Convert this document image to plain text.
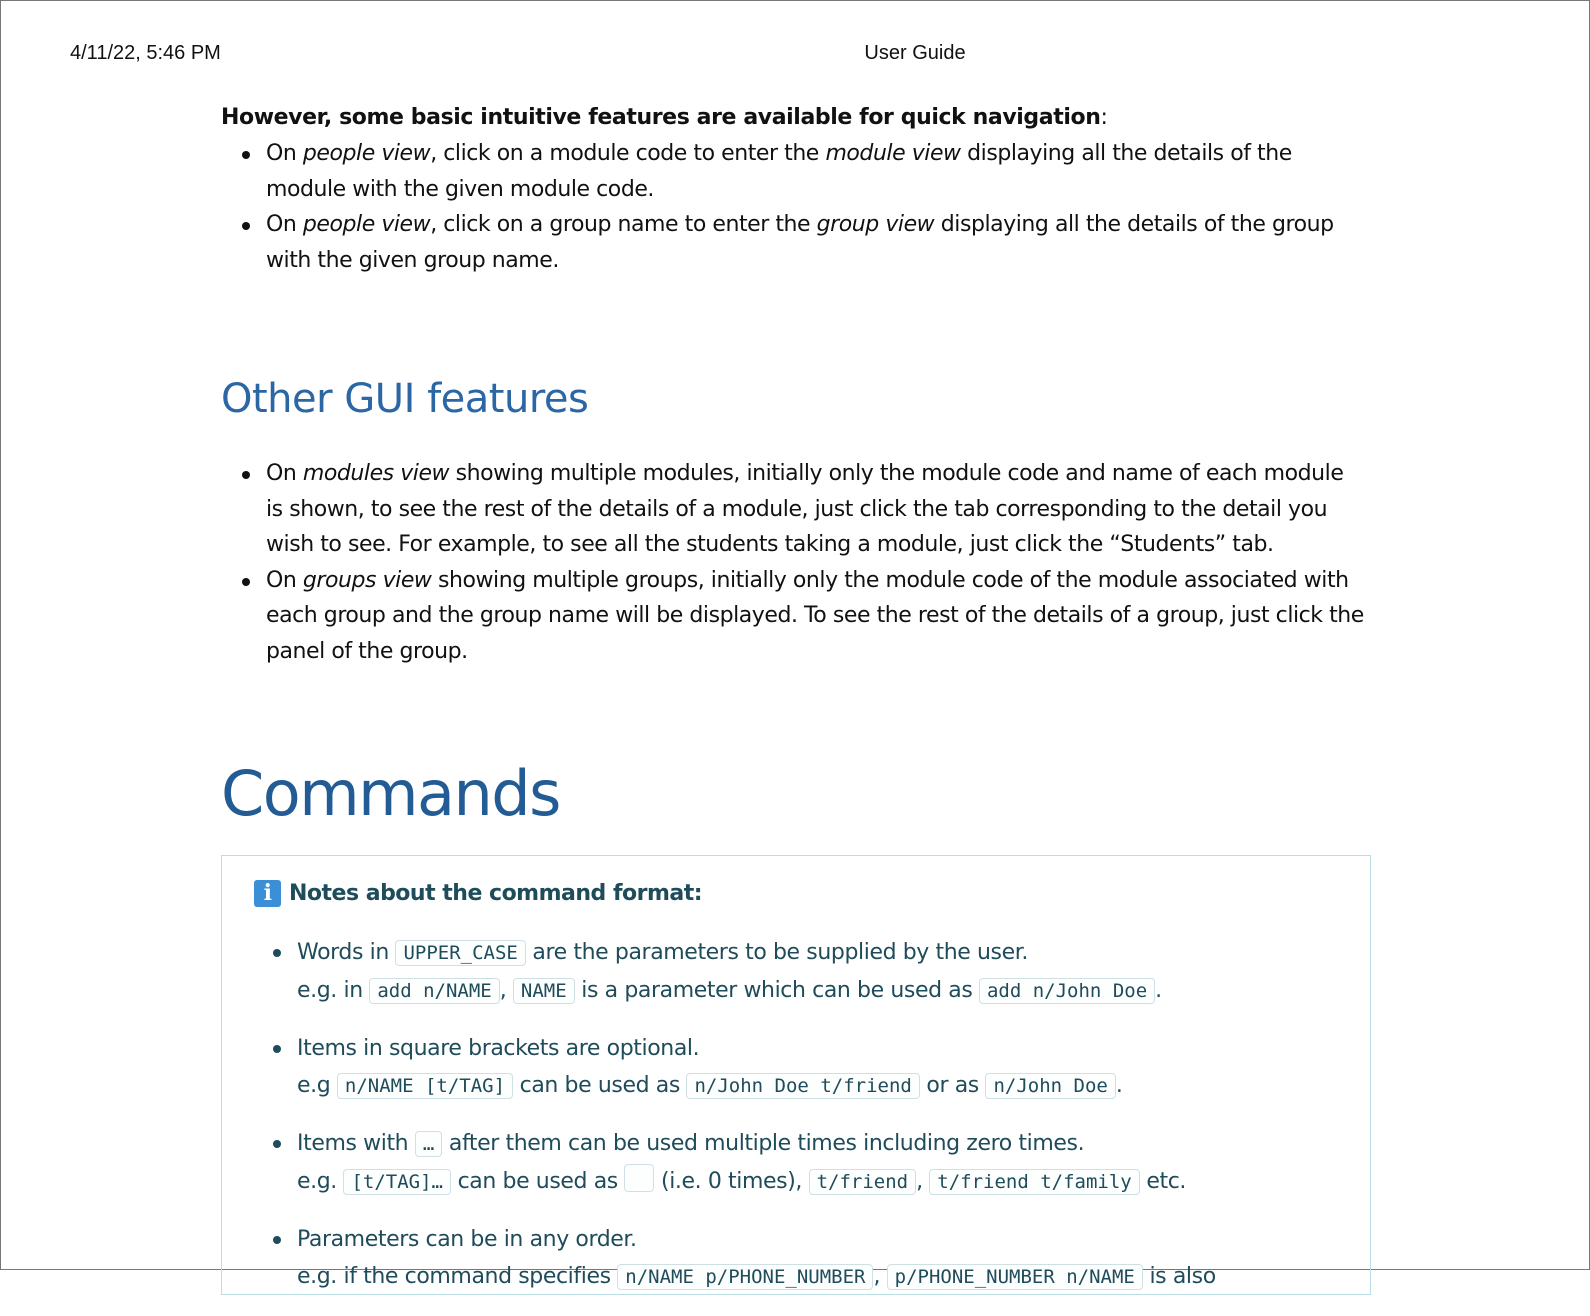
4/11/22, 5:46 PM	User Guide

However, some basic intuitive features are available for quick navigation:

On people view, click on a module code to enter the module view displaying all the details of the module with the given module code.
On people view, click on a group name to enter the group view displaying all the details of the group with the given group name.
Other GUI features
On modules view showing multiple modules, initially only the module code and name of each module is shown, to see the rest of the details of a module, just click the tab corresponding to the detail you wish to see. For example, to see all the students taking a module, just click the “Students” tab.
On groups view showing multiple groups, initially only the module code of the module associated with each group and the group name will be displayed. To see the rest of the details of a group, just click the panel of the group.
Commands
i Notes about the command format:
Words in UPPER_CASE are the parameters to be supplied by the user.
e.g. in add n/NAME , NAME is a parameter which can be used as add n/John Doe .
Items in square brackets are optional.
e.g n/NAME [t/TAG] can be used as n/John Doe t/friend or as n/John Doe .
Items with … after them can be used multiple times including zero times.
e.g. [t/TAG]… can be used as  (i.e. 0 times), t/friend , t/friend t/family etc.
Parameters can be in any order.
e.g. if the command specifies n/NAME p/PHONE_NUMBER , p/PHONE_NUMBER n/NAME is also
